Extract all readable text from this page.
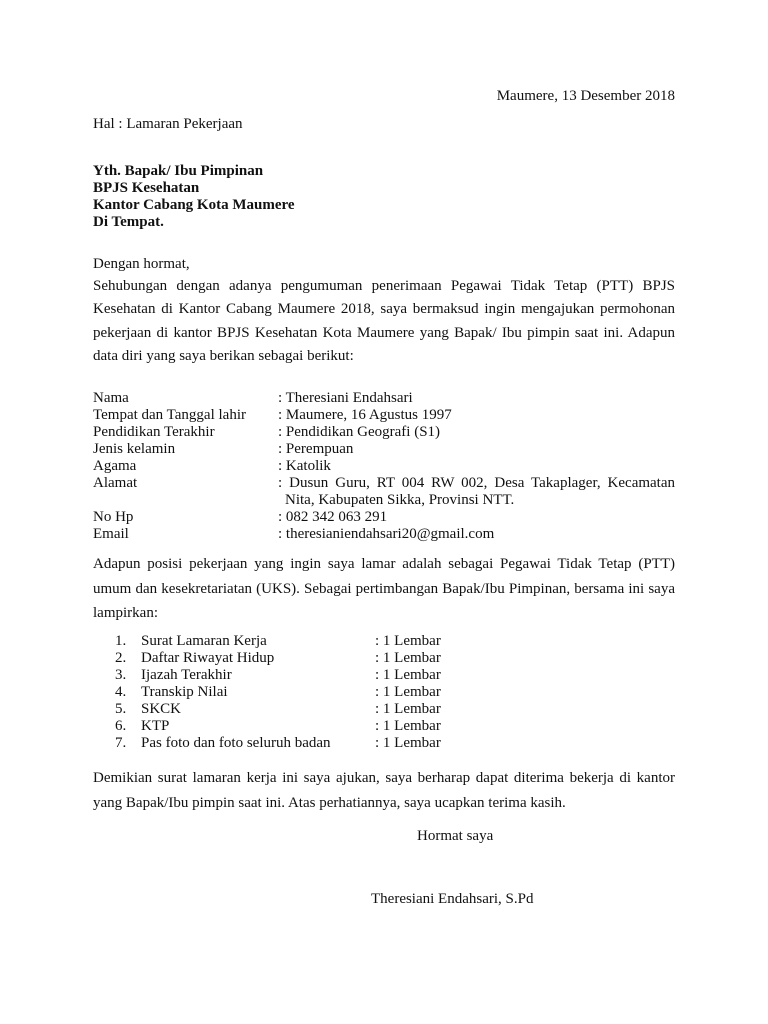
Maumere, 13 Desember 2018
Hal : Lamaran Pekerjaan
Yth. Bapak/ Ibu Pimpinan
BPJS Kesehatan
Kantor Cabang Kota Maumere
Di Tempat.
Dengan hormat,
Sehubungan dengan adanya pengumuman penerimaan Pegawai Tidak Tetap (PTT) BPJS Kesehatan di Kantor Cabang Maumere 2018, saya bermaksud ingin mengajukan permohonan pekerjaan di kantor BPJS Kesehatan Kota Maumere yang Bapak/ Ibu pimpin saat ini. Adapun data diri yang saya berikan sebagai berikut:
Nama	: Theresiani Endahsari
Tempat dan Tanggal lahir	: Maumere, 16 Agustus 1997
Pendidikan Terakhir	: Pendidikan Geografi (S1)
Jenis kelamin	: Perempuan
Agama	: Katolik
Alamat	: Dusun Guru, RT 004 RW 002, Desa Takaplager, Kecamatan
Nita, Kabupaten Sikka, Provinsi NTT.
No Hp	: 082 342 063 291
Email	: theresianiendahsari20@gmail.com
Adapun posisi pekerjaan yang ingin saya lamar adalah sebagai Pegawai Tidak Tetap (PTT) umum dan kesekretariatan (UKS). Sebagai pertimbangan Bapak/Ibu Pimpinan, bersama ini saya lampirkan:
1. Surat Lamaran Kerja	: 1 Lembar
2. Daftar Riwayat Hidup	: 1 Lembar
3. Ijazah Terakhir	: 1 Lembar
4. Transkip Nilai	: 1 Lembar
5. SKCK	: 1 Lembar
6. KTP	: 1 Lembar
7. Pas foto dan foto seluruh badan	: 1 Lembar
Demikian surat lamaran kerja ini saya ajukan, saya berharap dapat diterima bekerja di kantor yang Bapak/Ibu pimpin saat ini. Atas perhatiannya, saya ucapkan terima kasih.
Hormat saya
Theresiani Endahsari, S.Pd
